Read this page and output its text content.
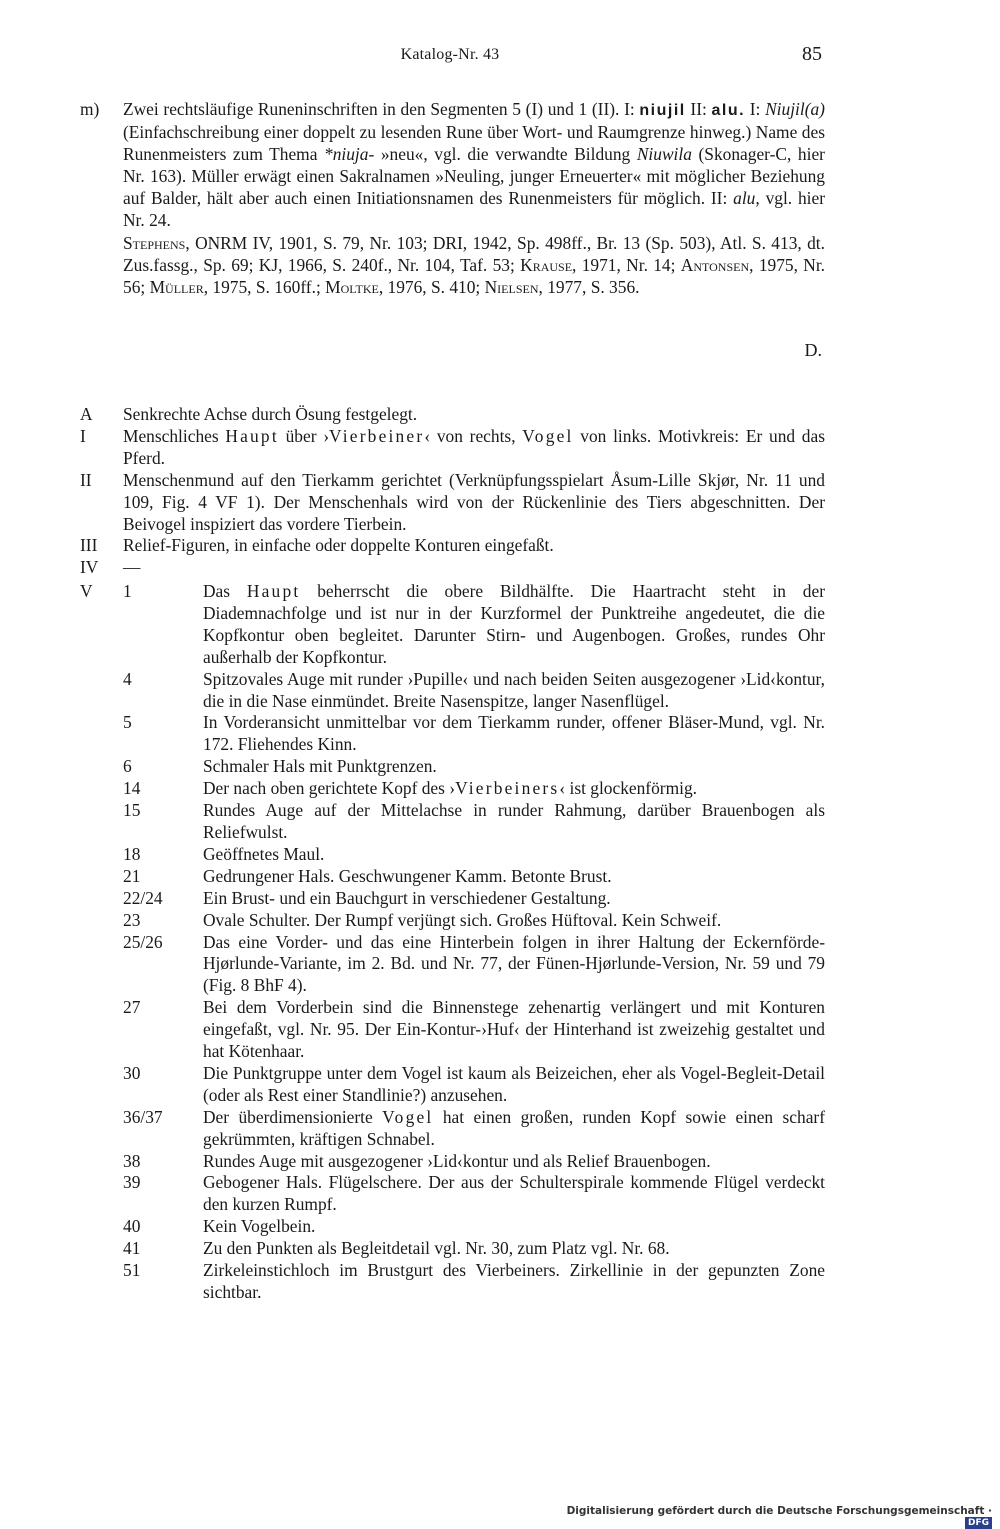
Katalog-Nr. 43	85
m) Zwei rechtsläufige Runeninschriften in den Segmenten 5 (I) und 1 (II). I: niujil II: alu. I: Niujil(a) (Einfachschreibung einer doppelt zu lesenden Rune über Wort- und Raumgrenze hinweg.) Name des Runenmeisters zum Thema *niuja- »neu«, vgl. die verwandte Bildung Niuwila (Skonager-C, hier Nr. 163). Müller erwägt einen Sakralnamen »Neuling, junger Erneuerter« mit möglicher Beziehung auf Balder, hält aber auch einen Initiationsnamen des Runenmeisters für möglich. II: alu, vgl. hier Nr. 24.

Stephens, ONRM IV, 1901, S. 79, Nr. 103; DRI, 1942, Sp. 498ff., Br. 13 (Sp. 503), Atl. S. 413, dt. Zus.fassg., Sp. 69; KJ, 1966, S. 240f., Nr. 104, Taf. 53; Krause, 1971, Nr. 14; Antonsen, 1975, Nr. 56; Müller, 1975, S. 160ff.; Moltke, 1976, S. 410; Nielsen, 1977, S. 356.

D.
A Senkrechte Achse durch Ösung festgelegt.
I Menschliches Haupt über ›Vierbeiner‹ von rechts, Vogel von links. Motivkreis: Er und das Pferd.
II Menschenmund auf den Tierkamm gerichtet (Verknüpfungsspielart Åsum-Lille Skjør, Nr. 11 und 109, Fig. 4 VF 1). Der Menschenhals wird von der Rückenlinie des Tiers abgeschnitten. Der Beivogel inspiziert das vordere Tierbein.
III Relief-Figuren, in einfache oder doppelte Konturen eingefaßt.
IV —
V 1	Das Haupt beherrscht die obere Bildhälfte. Die Haartracht steht in der Diademnachfolge und ist nur in der Kurzformel der Punktreihe angedeutet, die die Kopfkontur oben begleitet. Darunter Stirn- und Augenbogen. Großes, rundes Ohr außerhalb der Kopfkontur.
4	Spitzovales Auge mit runder ›Pupille‹ und nach beiden Seiten ausgezogener ›Lid‹kontur, die in die Nase einmündet. Breite Nasenspitze, langer Nasenflügel.
5	In Vorderansicht unmittelbar vor dem Tierkamm runder, offener Bläser-Mund, vgl. Nr. 172. Fliehendes Kinn.
6	Schmaler Hals mit Punktgrenzen.
14	Der nach oben gerichtete Kopf des ›Vierbeiners‹ ist glockenförmig.
15	Rundes Auge auf der Mittelachse in runder Rahmung, darüber Brauenbogen als Reliefwulst.
18	Geöffnetes Maul.
21	Gedrungener Hals. Geschwungener Kamm. Betonte Brust.
22/24	Ein Brust- und ein Bauchgurt in verschiedener Gestaltung.
23	Ovale Schulter. Der Rumpf verjüngt sich. Großes Hüftoval. Kein Schweif.
25/26	Das eine Vorder- und das eine Hinterbein folgen in ihrer Haltung der Eckernförde-Hjørlunde-Variante, im 2. Bd. und Nr. 77, der Fünen-Hjørlunde-Version, Nr. 59 und 79 (Fig. 8 BhF 4).
27	Bei dem Vorderbein sind die Binnenstege zehenartig verlängert und mit Konturen eingefaßt, vgl. Nr. 95. Der Ein-Kontur-›Huf‹ der Hinterhand ist zweizehig gestaltet und hat Kötenhaar.
30	Die Punktgruppe unter dem Vogel ist kaum als Beizeichen, eher als Vogel-Begleit-Detail (oder als Rest einer Standlinie?) anzusehen.
36/37	Der überdimensionierte Vogel hat einen großen, runden Kopf sowie einen scharf gekrümmten, kräftigen Schnabel.
38	Rundes Auge mit ausgezogener ›Lid‹kontur und als Relief Brauenbogen.
39	Gebogener Hals. Flügelschere. Der aus der Schulterspirale kommende Flügel verdeckt den kurzen Rumpf.
40	Kein Vogelbein.
41	Zu den Punkten als Begleitdetail vgl. Nr. 30, zum Platz vgl. Nr. 68.
51	Zirkeleinstichloch im Brustgurt des Vierbeiners. Zirkellinie in der gepunzten Zone sichtbar.
Digitalisierung gefördert durch die Deutsche Forschungsgemeinschaft ·DFG
